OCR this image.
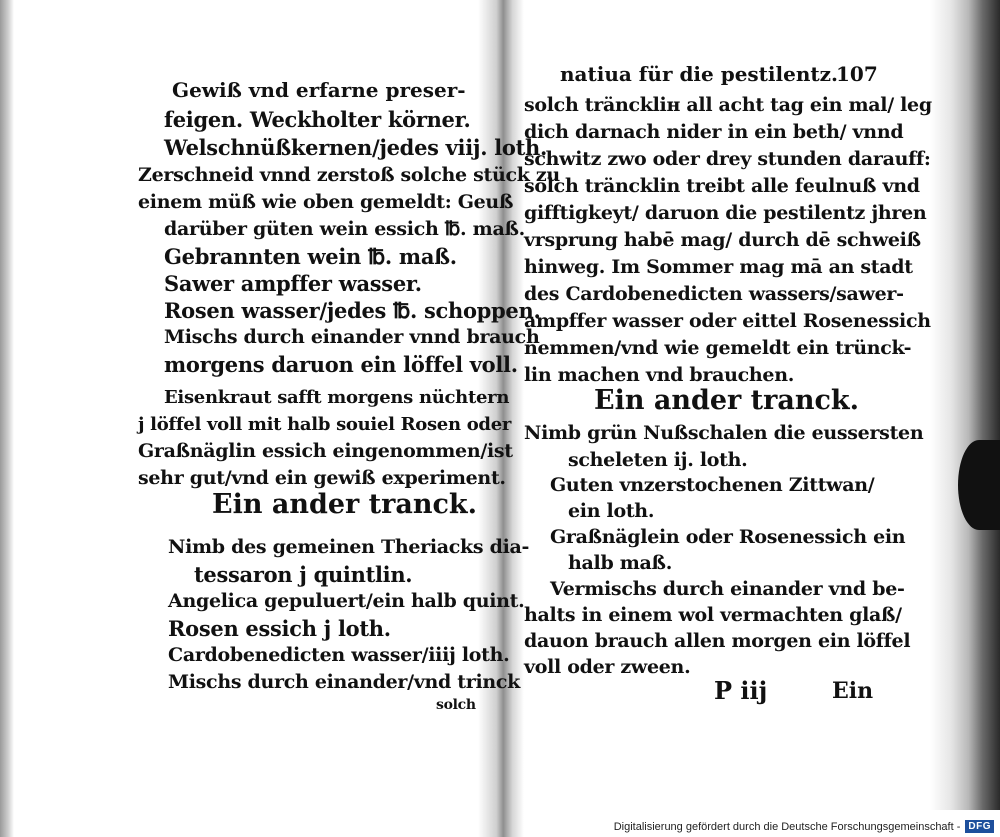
Gewiß vnd erfarne preser-
feigen. Weckholter körner.
Welschnüßkernen/jedes viij. loth.
Zerschneid vnnd zerstoß solche stück zu
einem müß wie oben gemeldt: Geuß
darüber güten wein essich ℔. maß.
Gebrannten wein ℔. maß.
Sawer ampffer wasser.
Rosen wasser/jedes ℔. schoppen.
Mischs durch einander vnnd brauch
morgens daruon ein löffel voll.
Eisenkraut safft morgens nüchtern
j löffel voll mit halb souiel Rosen oder
Graßnäglin essich eingenommen/ist
sehr gut/vnd ein gewiß experiment.
Ein ander tranck.
Nimb des gemeinen Theriacks dia-
tessaron j quintlin.
Angelica gepuluert/ein halb quint.
Rosen essich j loth.
Cardobenedicten wasser/iiij loth.
Mischs durch einander/vnd trinck
solch
natiua für die pestilentz.
107
solch tränckliн all acht tag ein mal/ leg
dich darnach nider in ein beth/ vnnd
schwitz zwo oder drey stunden darauff:
solch träncklin treibt alle feulnuß vnd
gifftigkeyt/ daruon die pestilentz jhren
vrsprung habē mag/ durch dē schweiß
hinweg. Im Sommer mag mā an stadt
des Cardobenedicten wassers/sawer-
ampffer wasser oder eittel Rosenessich
nemmen/vnd wie gemeldt ein trünck-
lin machen vnd brauchen.
Ein ander tranck.
Nimb grün Nußschalen die eussersten
scheleten ij. loth.
Guten vnzerstochenen Zittwan/
ein loth.
Graßnäglein oder Rosenessich ein
halb maß.
Vermischs durch einander vnd be-
halts in einem wol vermachten glaß/
dauon brauch allen morgen ein löffel
voll oder zween.
P iij	Ein
Digitalisierung gefördert durch die Deutsche Forschungsgemeinschaft - DFG
